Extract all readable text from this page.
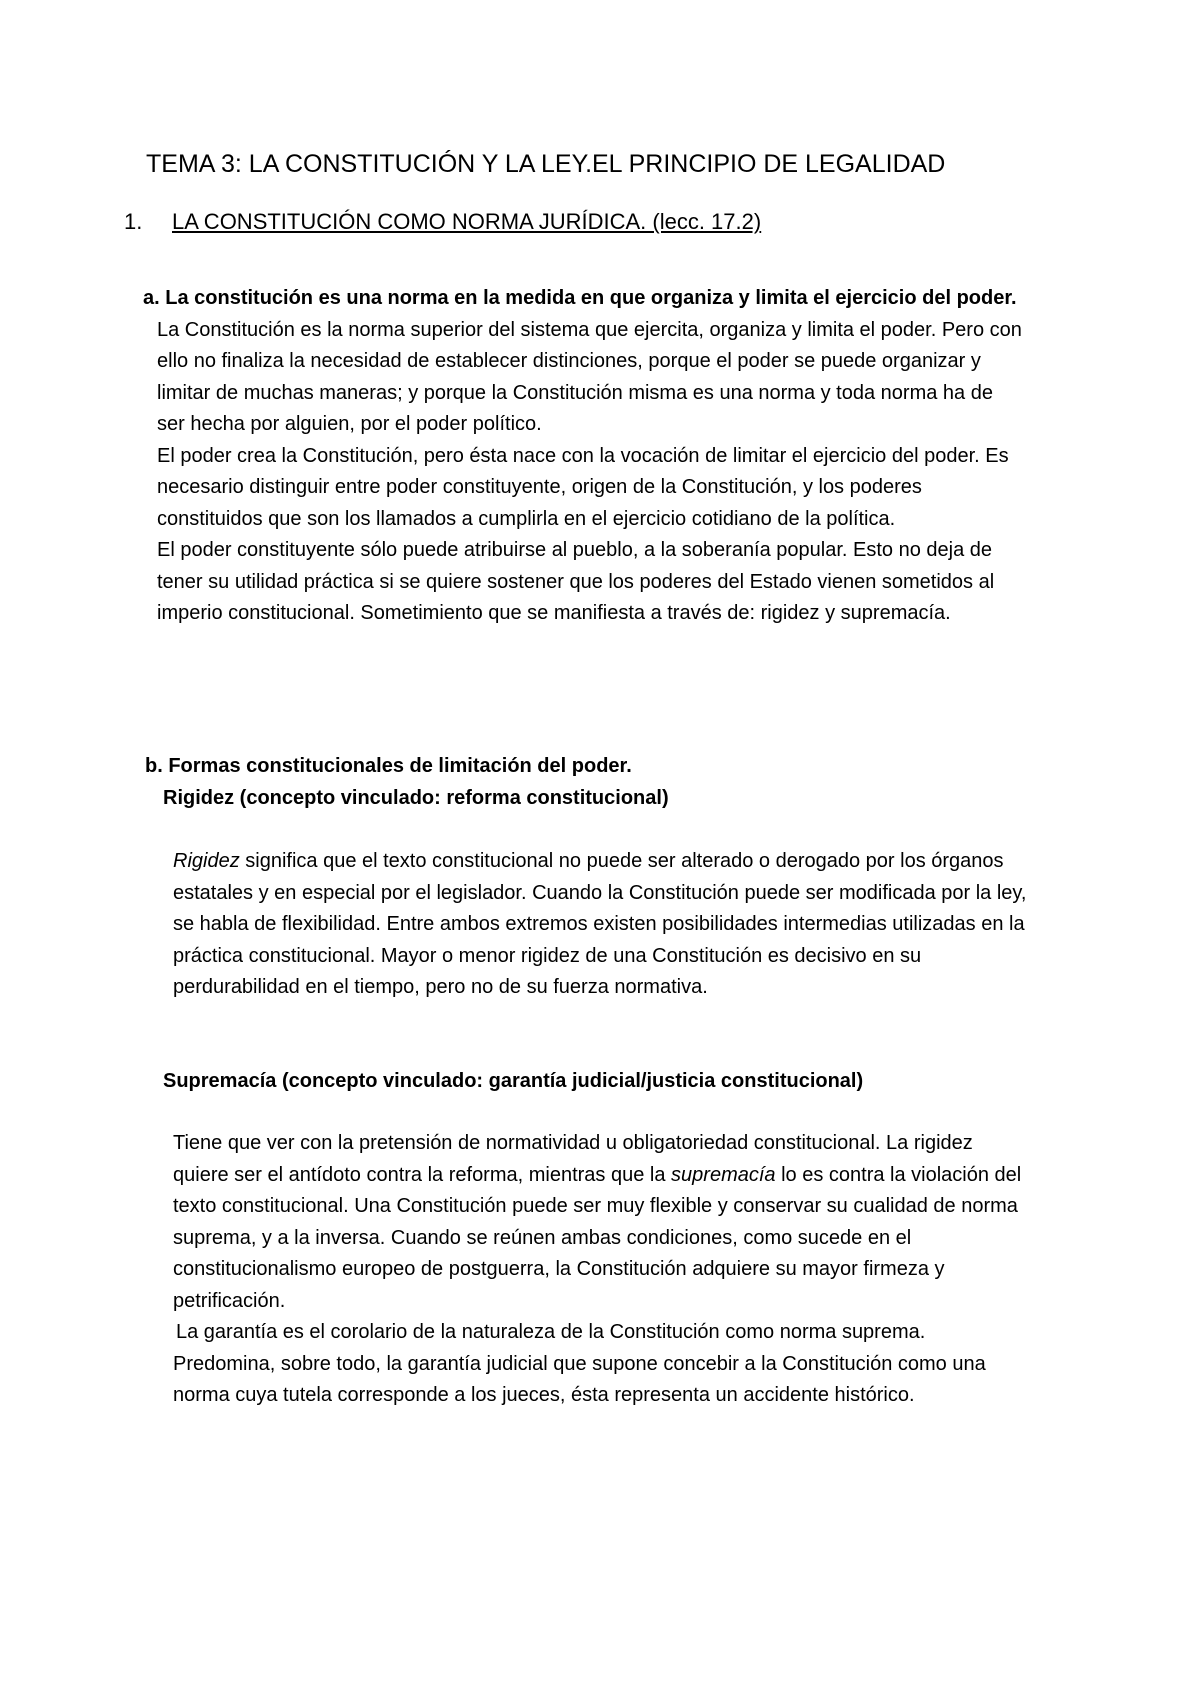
TEMA 3: LA CONSTITUCIÓN Y LA LEY.EL PRINCIPIO DE LEGALIDAD
1. LA CONSTITUCIÓN COMO NORMA JURÍDICA. (lecc. 17.2)

a. La constitución es una norma en la medida en que organiza y limita el ejercicio del poder.

La Constitución es la norma superior del sistema que ejercita, organiza y limita el poder. Pero con ello no finaliza la necesidad de establecer distinciones, porque el poder se puede organizar y limitar de muchas maneras; y porque la Constitución misma es una norma y toda norma ha de ser hecha por alguien, por el poder político.

El poder crea la Constitución, pero ésta nace con la vocación de limitar el ejercicio del poder. Es necesario distinguir entre poder constituyente, origen de la Constitución, y los poderes constituidos que son los llamados a cumplirla en el ejercicio cotidiano de la política.

El poder constituyente sólo puede atribuirse al pueblo, a la soberanía popular. Esto no deja de tener su utilidad práctica si se quiere sostener que los poderes del Estado vienen sometidos al imperio constitucional. Sometimiento que se manifiesta a través de: rigidez y supremacía.

b. Formas constitucionales de limitación del poder.

Rigidez (concepto vinculado: reforma constitucional)

Rigidez significa que el texto constitucional no puede ser alterado o derogado por los órganos estatales y en especial por el legislador. Cuando la Constitución puede ser modificada por la ley, se habla de flexibilidad. Entre ambos extremos existen posibilidades intermedias utilizadas en la práctica constitucional. Mayor o menor rigidez de una Constitución es decisivo en su perdurabilidad en el tiempo, pero no de su fuerza normativa.

Supremacía (concepto vinculado: garantía judicial/justicia constitucional)

Tiene que ver con la pretensión de normatividad u obligatoriedad constitucional. La rigidez quiere ser el antídoto contra la reforma, mientras que la supremacía lo es contra la violación del texto constitucional. Una Constitución puede ser muy flexible y conservar su cualidad de norma suprema, y a la inversa. Cuando se reúnen ambas condiciones, como sucede en el constitucionalismo europeo de postguerra, la Constitución adquiere su mayor firmeza y petrificación.

La garantía es el corolario de la naturaleza de la Constitución como norma suprema. Predomina, sobre todo, la garantía judicial que supone concebir a la Constitución como una norma cuya tutela corresponde a los jueces, ésta representa un accidente histórico.
